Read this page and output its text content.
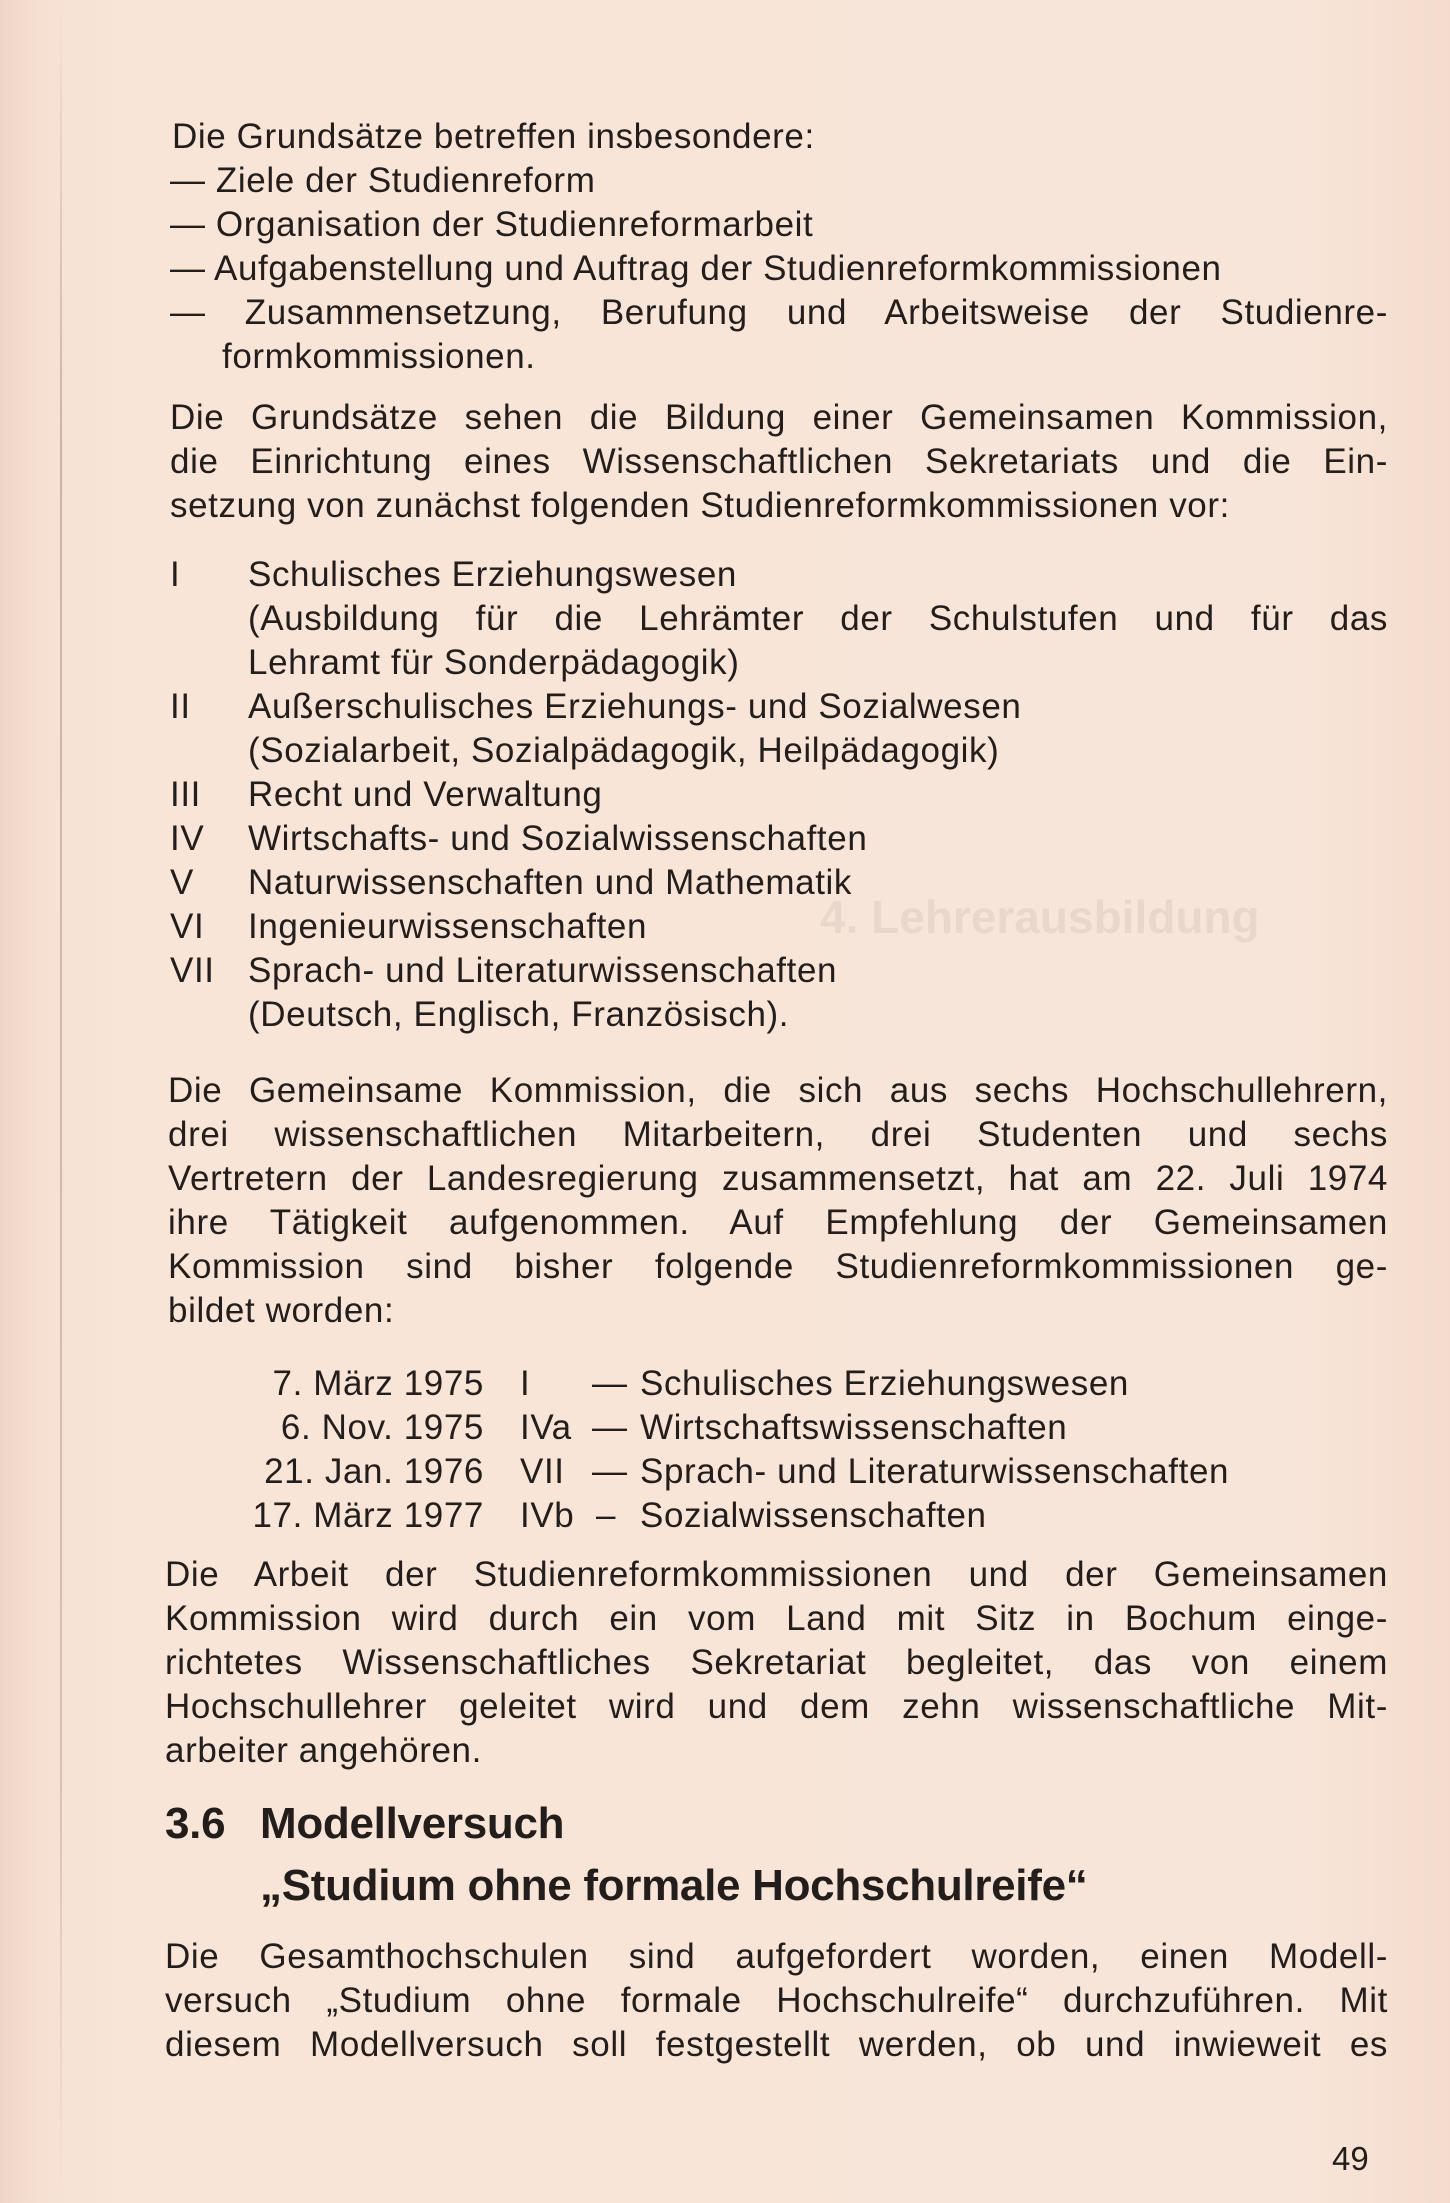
4. Lehrerausbildung
Die Grundsätze betreffen insbesondere:
— Ziele der Studienreform
— Organisation der Studienreformarbeit
— Aufgabenstellung und Auftrag der Studienreformkommissionen
— Zusammensetzung, Berufung und Arbeitsweise der Studienre-
formkommissionen.
Die Grundsätze sehen die Bildung einer Gemeinsamen Kommission,
die Einrichtung eines Wissenschaftlichen Sekretariats und die Ein-
setzung von zunächst folgenden Studienreformkommissionen vor:
I Schulisches Erziehungswesen
(Ausbildung für die Lehrämter der Schulstufen und für das
Lehramt für Sonderpädagogik)
II Außerschulisches Erziehungs- und Sozialwesen
(Sozialarbeit, Sozialpädagogik, Heilpädagogik)
III Recht und Verwaltung
IV Wirtschafts- und Sozialwissenschaften
V Naturwissenschaften und Mathematik
VI Ingenieurwissenschaften
VII Sprach- und Literaturwissenschaften
(Deutsch, Englisch, Französisch).
Die Gemeinsame Kommission, die sich aus sechs Hochschullehrern,
drei wissenschaftlichen Mitarbeitern, drei Studenten und sechs
Vertretern der Landesregierung zusammensetzt, hat am 22. Juli 1974
ihre Tätigkeit aufgenommen. Auf Empfehlung der Gemeinsamen
Kommission sind bisher folgende Studienreformkommissionen ge-
bildet worden:
7. März 1975 I — Schulisches Erziehungswesen
6. Nov. 1975 IVa — Wirtschaftswissenschaften
21. Jan. 1976 VII — Sprach- und Literaturwissenschaften
17. März 1977 IVb – Sozialwissenschaften
Die Arbeit der Studienreformkommissionen und der Gemeinsamen
Kommission wird durch ein vom Land mit Sitz in Bochum einge-
richtetes Wissenschaftliches Sekretariat begleitet, das von einem
Hochschullehrer geleitet wird und dem zehn wissenschaftliche Mit-
arbeiter angehören.
3.6 Modellversuch
„Studium ohne formale Hochschulreife“
Die Gesamthochschulen sind aufgefordert worden, einen Modell-
versuch „Studium ohne formale Hochschulreife“ durchzuführen. Mit
diesem Modellversuch soll festgestellt werden, ob und inwieweit es
49
